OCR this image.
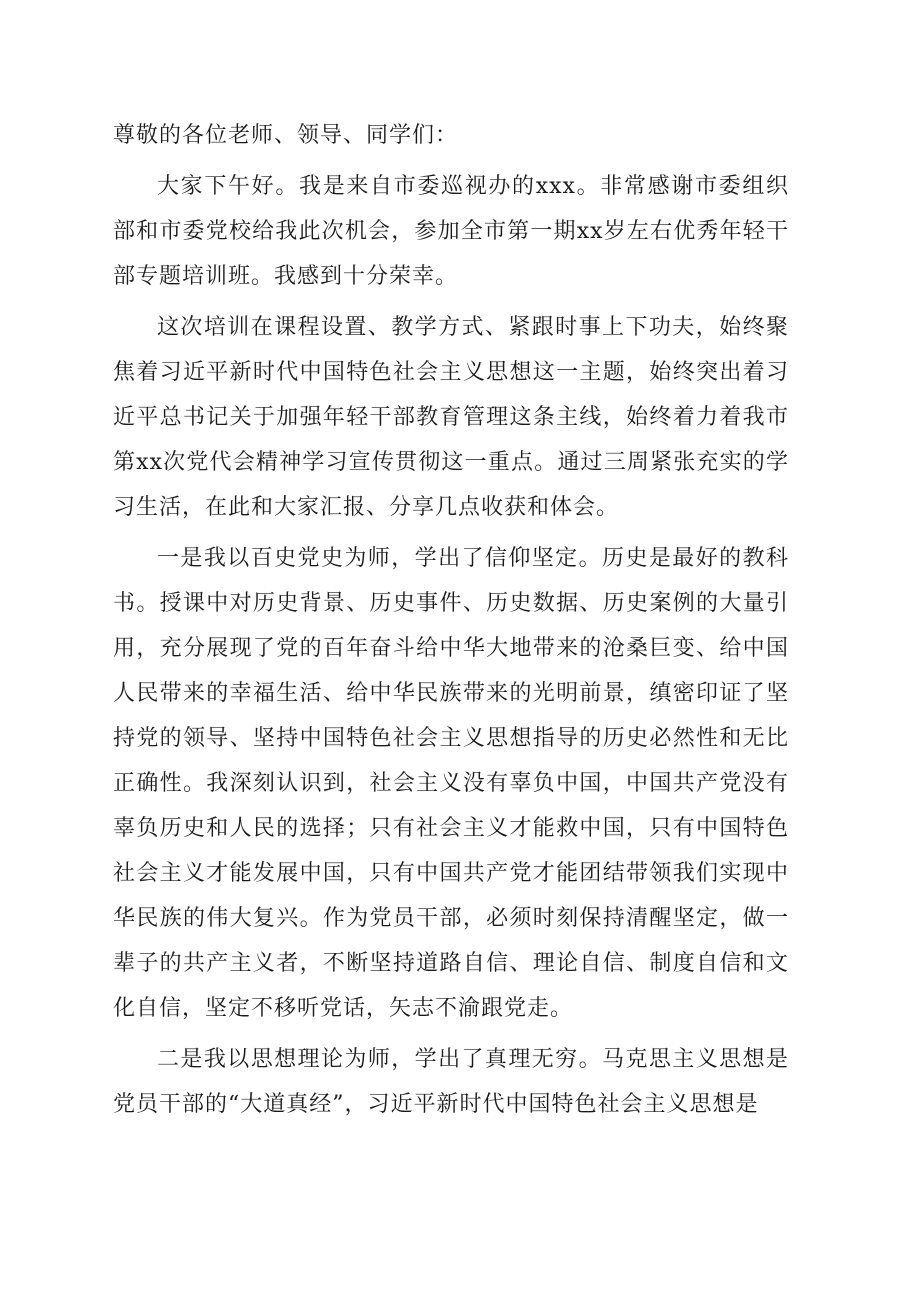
尊敬的各位老师、领导、同学们：

大家下午好。我是来自市委巡视办的xxx。非常感谢市委组织部和市委党校给我此次机会，参加全市第一期xx岁左右优秀年轻干部专题培训班。我感到十分荣幸。

这次培训在课程设置、教学方式、紧跟时事上下功夫，始终聚焦着习近平新时代中国特色社会主义思想这一主题，始终突出着习近平总书记关于加强年轻干部教育管理这条主线，始终着力着我市第xx次党代会精神学习宣传贯彻这一重点。通过三周紧张充实的学习生活，在此和大家汇报、分享几点收获和体会。

一是我以百史党史为师，学出了信仰坚定。历史是最好的教科书。授课中对历史背景、历史事件、历史数据、历史案例的大量引用，充分展现了党的百年奋斗给中华大地带来的沧桑巨变、给中国人民带来的幸福生活、给中华民族带来的光明前景，缜密印证了坚持党的领导、坚持中国特色社会主义思想指导的历史必然性和无比正确性。我深刻认识到，社会主义没有辜负中国，中国共产党没有辜负历史和人民的选择；只有社会主义才能救中国，只有中国特色社会主义才能发展中国，只有中国共产党才能团结带领我们实现中华民族的伟大复兴。作为党员干部，必须时刻保持清醒坚定，做一辈子的共产主义者，不断坚持道路自信、理论自信、制度自信和文化自信，坚定不移听党话，矢志不渝跟党走。

二是我以思想理论为师，学出了真理无穷。马克思主义思想是党员干部的“大道真经”，习近平新时代中国特色社会主义思想是
